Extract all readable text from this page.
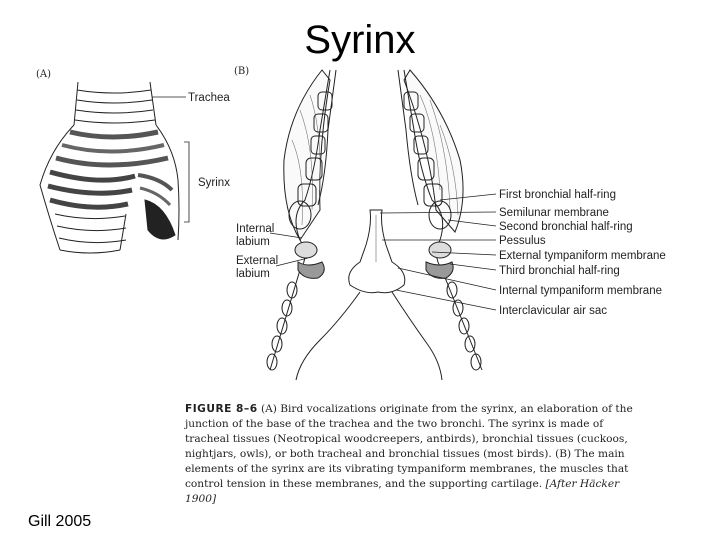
Syrinx
(A)
Trachea
Syrinx
(B)
Internal
labium
External
labium
First bronchial half-ring
Semilunar membrane
Second bronchial half-ring
Pessulus
External tympaniform membrane
Third bronchial half-ring
Internal tympaniform membrane
Interclavicular air sac
FIGURE 8–6 (A) Bird vocalizations originate from the syrinx, an elaboration of the junction of the base of the trachea and the two bronchi. The syrinx is made of tracheal tissues (Neotropical woodcreepers, antbirds), bronchial tissues (cuckoos, nightjars, owls), or both tracheal and bronchial tissues (most birds). (B) The main elements of the syrinx are its vibrating tympaniform membranes, the muscles that control tension in these membranes, and the supporting cartilage. [After Häcker 1900]
Gill 2005
